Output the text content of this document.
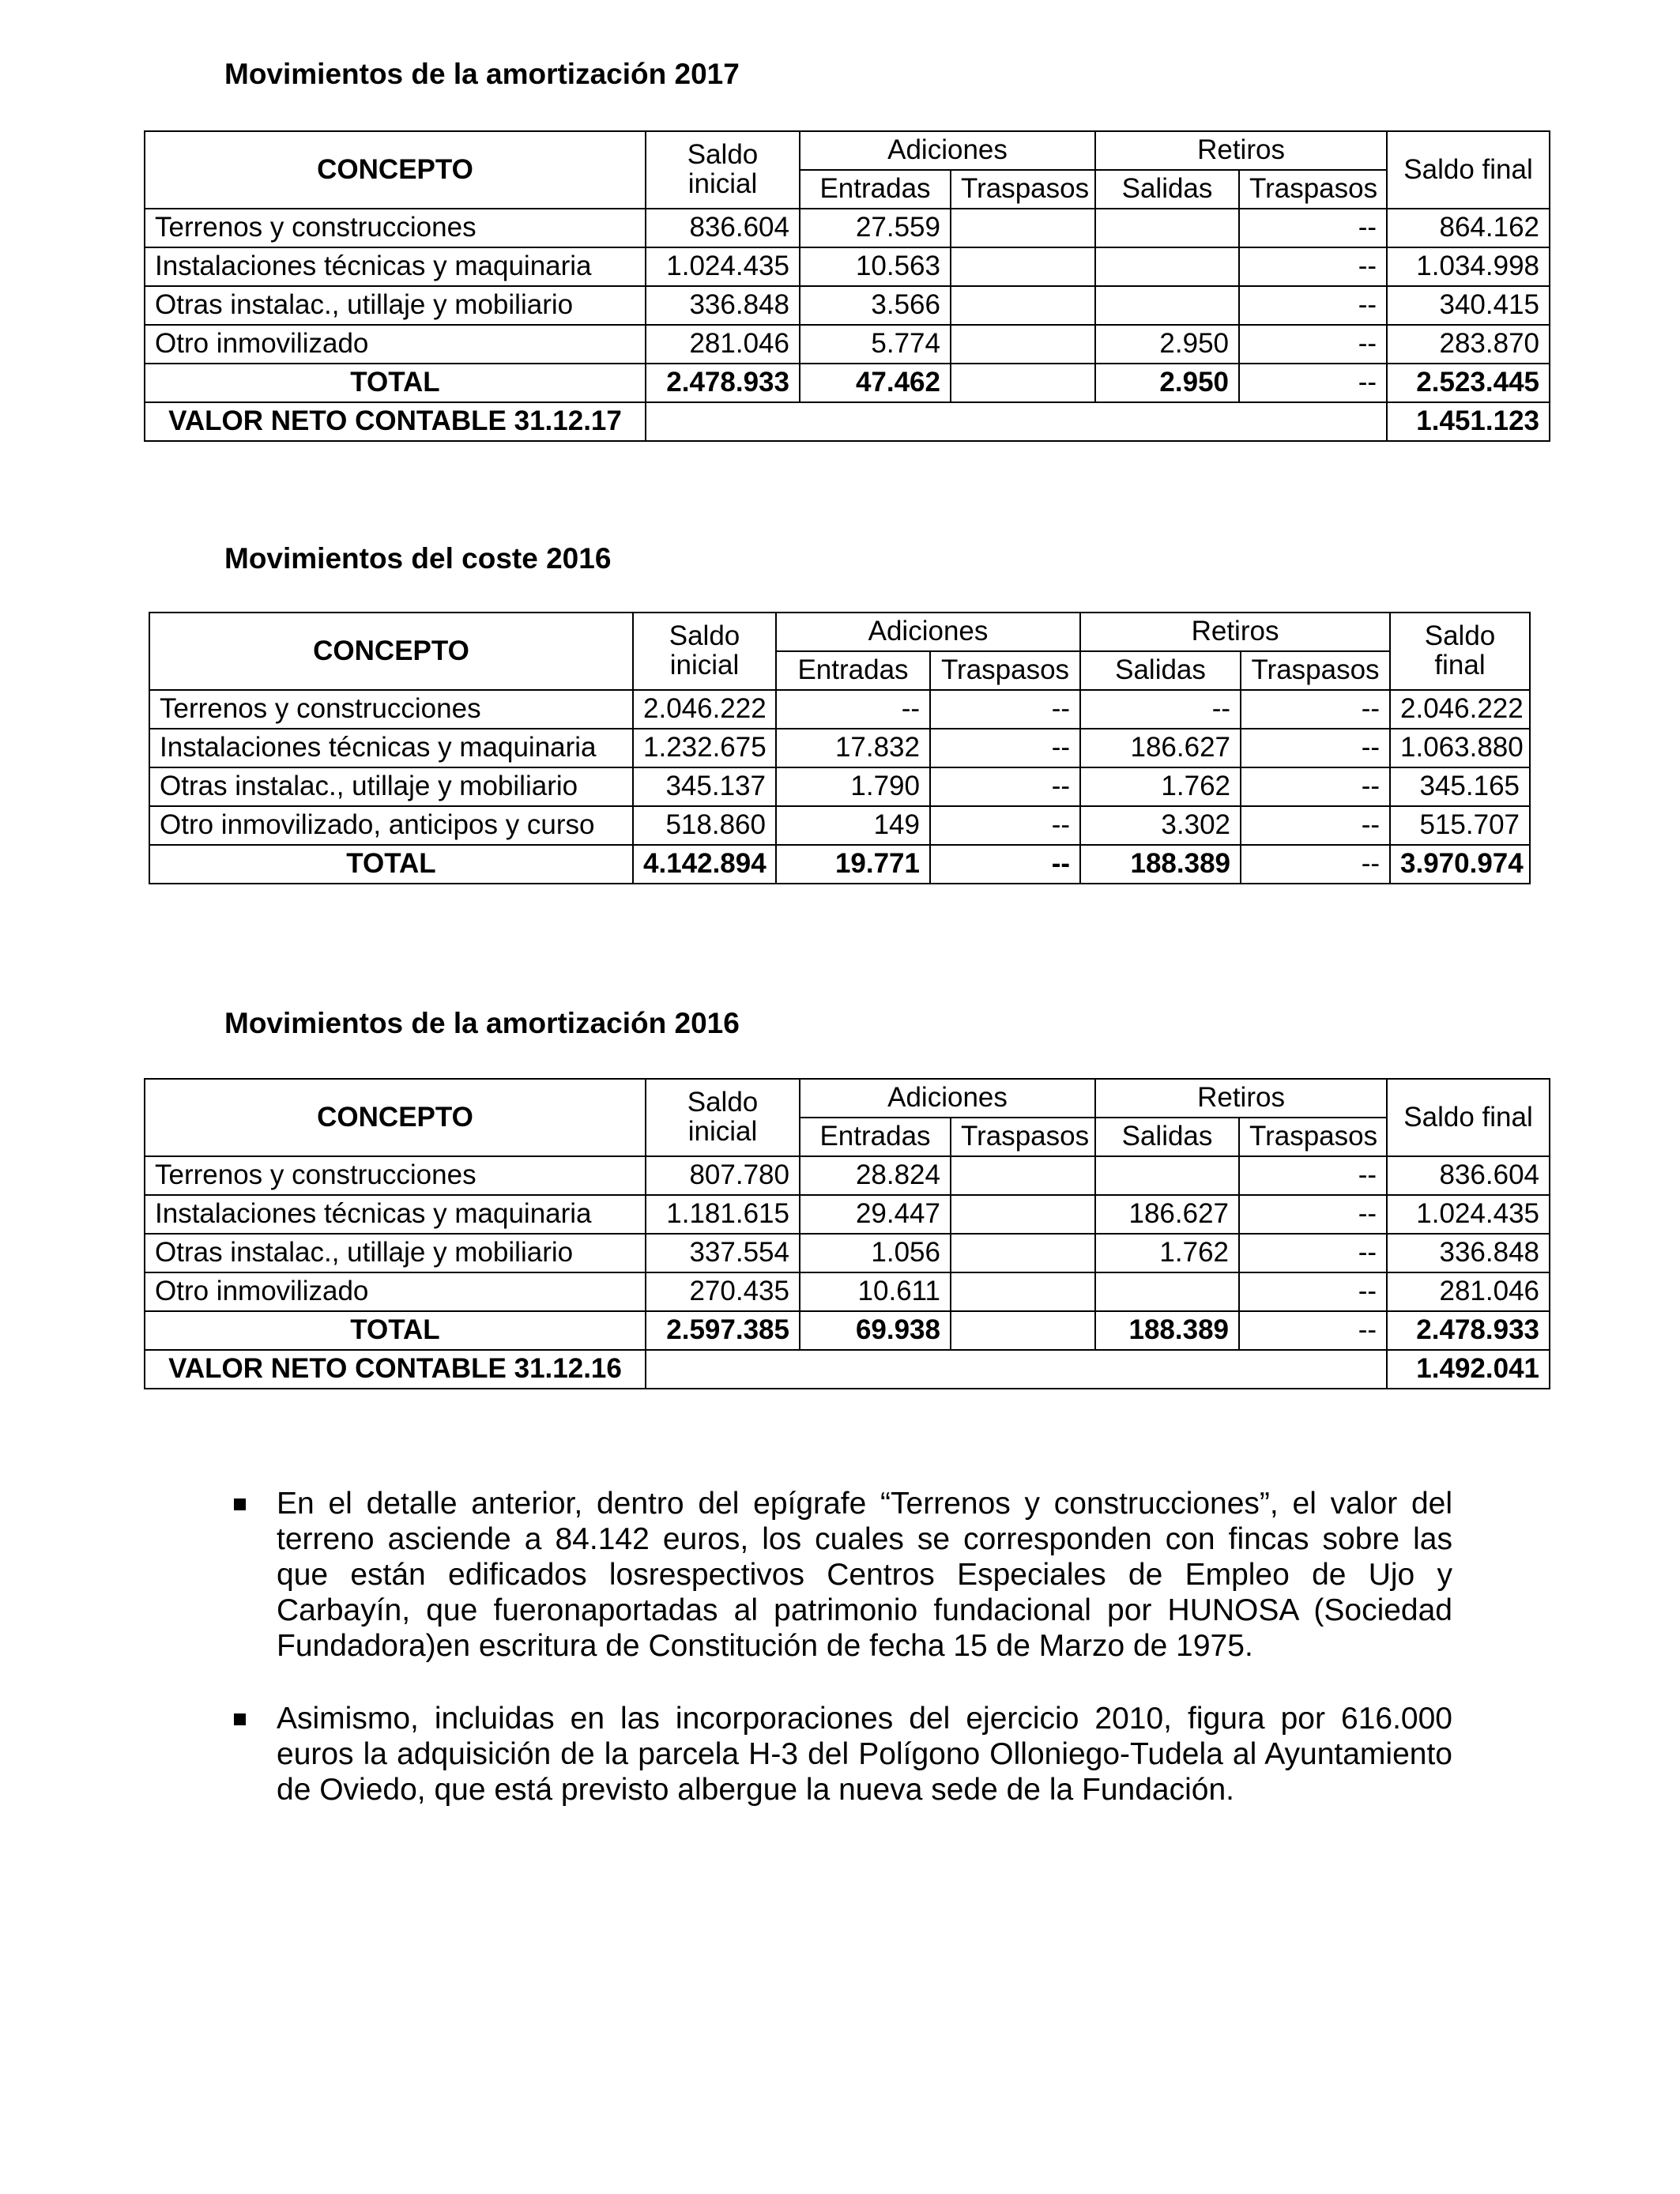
Movimientos de la amortización 2017
CONCEPTO	Saldo inicial	Adiciones		Retiros		Saldo final
		Entradas	Traspasos	Salidas	Traspasos	
Terrenos y construcciones	836.604	27.559			--	864.162
Instalaciones técnicas y maquinaria	1.024.435	10.563			--	1.034.998
Otras instalac., utillaje y mobiliario	336.848	3.566			--	340.415
Otro inmovilizado	281.046	5.774		2.950	--	283.870
TOTAL	2.478.933	47.462		2.950	--	2.523.445
VALOR NETO CONTABLE 31.12.17						1.451.123
Movimientos del coste 2016
CONCEPTO	Saldo inicial	Adiciones		Retiros		Saldo final
		Entradas	Traspasos	Salidas	Traspasos	
Terrenos y construcciones	2.046.222	--	--	--	--	2.046.222
Instalaciones técnicas y maquinaria	1.232.675	17.832	--	186.627	--	1.063.880
Otras instalac., utillaje y mobiliario	345.137	1.790	--	1.762	--	345.165
Otro inmovilizado, anticipos y curso	518.860	149	--	3.302	--	515.707
TOTAL	4.142.894	19.771	--	188.389	--	3.970.974
Movimientos de la amortización 2016
CONCEPTO	Saldo inicial	Adiciones		Retiros		Saldo final
		Entradas	Traspasos	Salidas	Traspasos	
Terrenos y construcciones	807.780	28.824			--	836.604
Instalaciones técnicas y maquinaria	1.181.615	29.447		186.627	--	1.024.435
Otras instalac., utillaje y mobiliario	337.554	1.056		1.762	--	336.848
Otro inmovilizado	270.435	10.611			--	281.046
TOTAL	2.597.385	69.938		188.389	--	2.478.933
VALOR NETO CONTABLE 31.12.16						1.492.041

En el detalle anterior, dentro del epígrafe “Terrenos y construcciones”, el valor del terreno asciende a 84.142 euros, los cuales se corresponden con fincas sobre las que están edificados losrespectivos Centros Especiales de Empleo de Ujo y Carbayín, que fueronaportadas al patrimonio fundacional por HUNOSA (Sociedad Fundadora)en escritura de Constitución de fecha 15 de Marzo de 1975.

Asimismo, incluidas en las incorporaciones del ejercicio 2010, figura por 616.000 euros la adquisición de la parcela H-3 del Polígono Olloniego-Tudela al Ayuntamiento de Oviedo, que está previsto albergue la nueva sede de la Fundación.
